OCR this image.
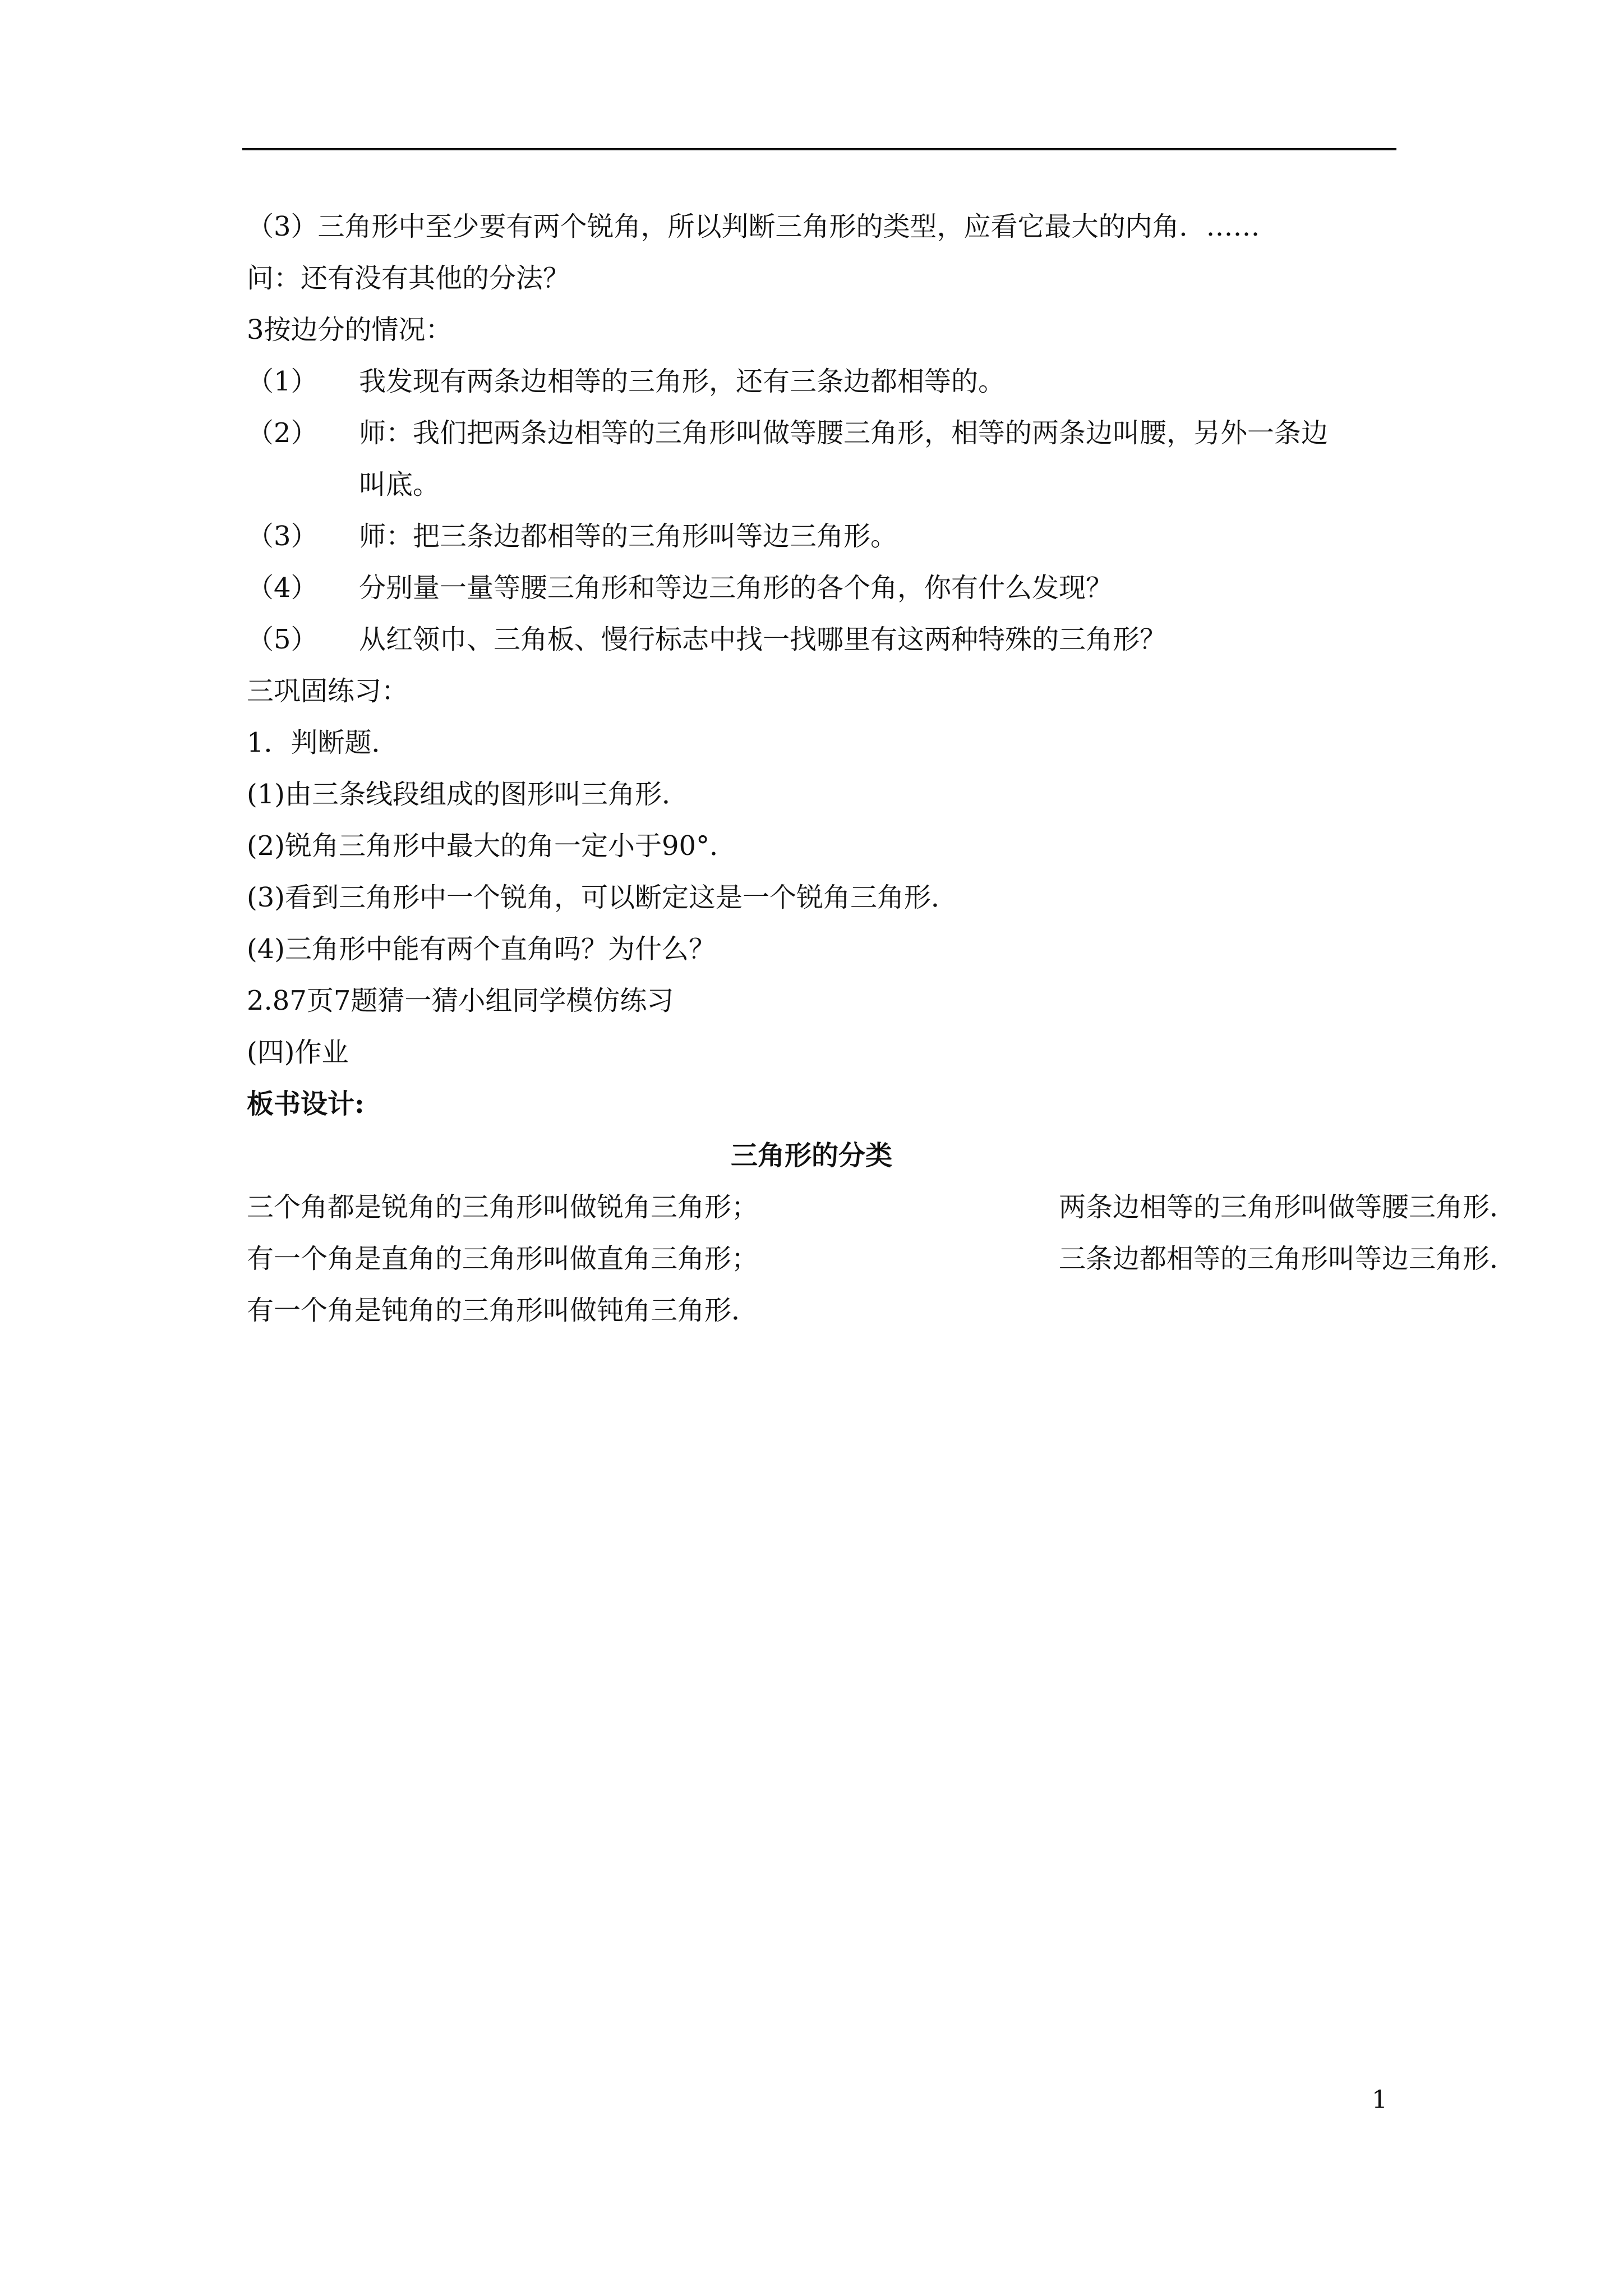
（3）三角形中至少要有两个锐角，所以判断三角形的类型，应看它最大的内角．……
问：还有没有其他的分法？
3按边分的情况：
（1） 我发现有两条边相等的三角形，还有三条边都相等的。
（2） 师：我们把两条边相等的三角形叫做等腰三角形，相等的两条边叫腰，另外一条边
叫底。
（3） 师：把三条边都相等的三角形叫等边三角形。
（4） 分别量一量等腰三角形和等边三角形的各个角，你有什么发现？
（5） 从红领巾、三角板、慢行标志中找一找哪里有这两种特殊的三角形？
三巩固练习：
1．判断题．
(1)由三条线段组成的图形叫三角形．
(2)锐角三角形中最大的角一定小于90°．
(3)看到三角形中一个锐角，可以断定这是一个锐角三角形．
(4)三角形中能有两个直角吗？为什么？
2.87页7题猜一猜小组同学模仿练习
(四)作业
板书设计:
三角形的分类
三个角都是锐角的三角形叫做锐角三角形；	两条边相等的三角形叫做等腰三角形．
有一个角是直角的三角形叫做直角三角形；	三条边都相等的三角形叫等边三角形．
有一个角是钝角的三角形叫做钝角三角形．
1
